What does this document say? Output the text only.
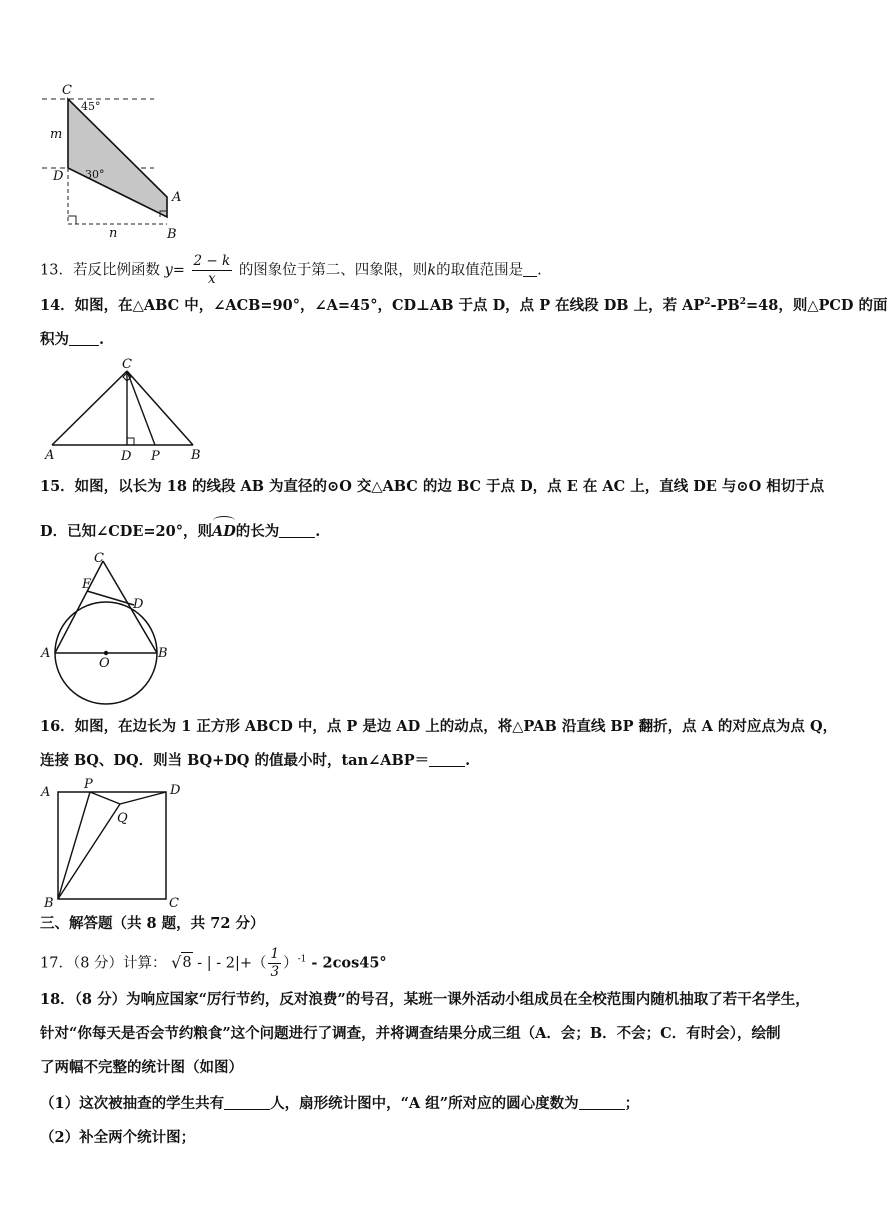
C
45°
m
D 30°
A
n	B
13．若反比例函数 $y= \frac{2 - k}{x}$ 的图象位于第二、四象限，则k的取值范围是 .
14．如图，在△ABC 中，∠ACB=90°，∠A=45°，CD⊥AB 于点 D，点 P 在线段 DB 上，若 $AP^2-PB^2=48$，则△PCD 的面
积为 .
C
A	D P B
15．如图，以长为 18 的线段 AB 为直径的⊙O 交△ABC 的边 BC 于点 D，点 E 在 AC 上，直线 DE 与⊙O 相切于点
D．已知∠CDE=20°，则AD的长为 .
C
E
D
A
O
B
16．如图，在边长为 1 正方形 ABCD 中，点 P 是边 AD 上的动点，将△PAB 沿直线 BP 翻折，点 A 的对应点为点 Q，
连接 BQ、DQ．则当 BQ+DQ 的值最小时，tan∠ABP＝ .
A
P	D
Q
B	C
三、解答题（共 8 题，共 72 分）
17．（8 分）计算： √ 8 - | - $2|+( \frac{1}{3} )^{-1} - 2\cos 45^\circ$
18．（8 分）为响应国家“厉行节约，反对浪费”的号召，某班一课外活动小组成员在全校范围内随机抽取了若干名学生，
针对“你每天是否会节约粮食”这个问题进行了调查，并将调查结果分成三组（A．会；B．不会；C．有时会），绘制
了两幅不完整的统计图（如图）
（1）这次被抽查的学生共有	人，扇形统计图中，“A 组”所对应的圆心度数为	；
（2）补全两个统计图；
